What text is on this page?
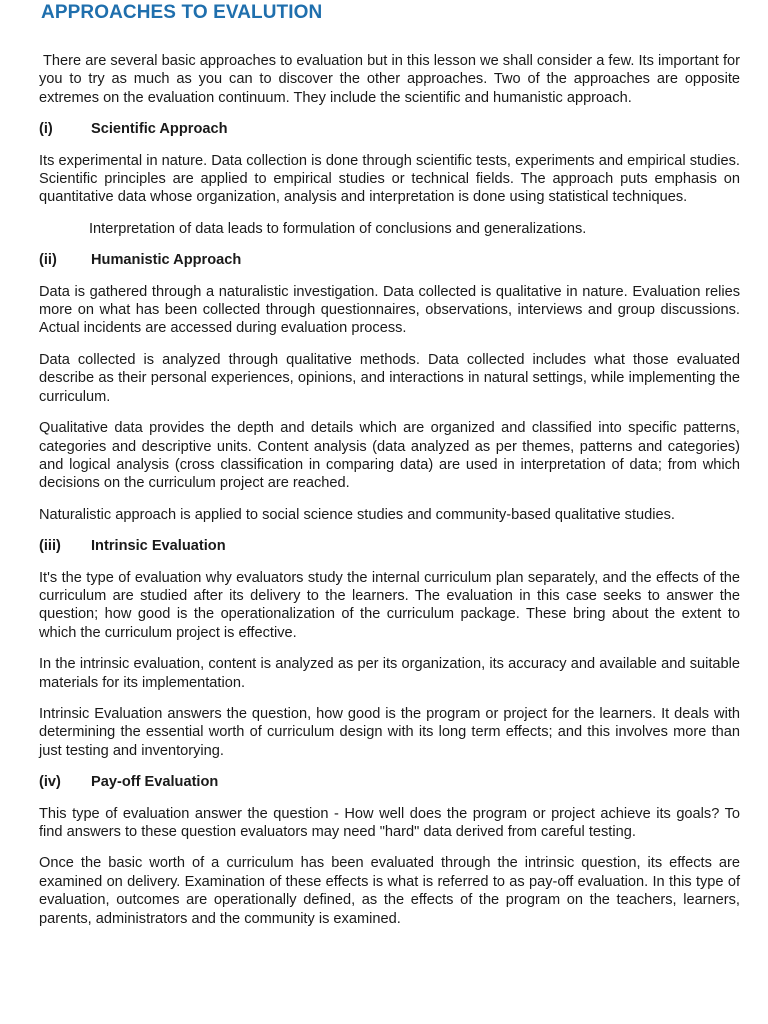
APPROACHES TO EVALUTION

There are several basic approaches to evaluation but in this lesson we shall consider a few. Its important for you to try as much as you can to discover the other approaches. Two of the approaches are opposite extremes on the evaluation continuum. They include the scientific and humanistic approach.

(i)	Scientific Approach

Its experimental in nature. Data collection is done through scientific tests, experiments and empirical studies. Scientific principles are applied to empirical studies or technical fields. The approach puts emphasis on quantitative data whose organization, analysis and interpretation is done using statistical techniques.

Interpretation of data leads to formulation of conclusions and generalizations.

(ii)	Humanistic Approach

Data is gathered through a naturalistic investigation. Data collected is qualitative in nature. Evaluation relies more on what has been collected through questionnaires, observations, interviews and group discussions. Actual incidents are accessed during evaluation process.

Data collected is analyzed through qualitative methods. Data collected includes what those evaluated describe as their personal experiences, opinions, and interactions in natural settings, while implementing the curriculum.

Qualitative data provides the depth and details which are organized and classified into specific patterns, categories and descriptive units. Content analysis (data analyzed as per themes, patterns and categories) and logical analysis (cross classification in comparing data) are used in interpretation of data; from which decisions on the curriculum project are reached.

Naturalistic approach is applied to social science studies and community-based qualitative studies.

(iii)	Intrinsic Evaluation

It's the type of evaluation why evaluators study the internal curriculum plan separately, and the effects of the curriculum are studied after its delivery to the learners. The evaluation in this case seeks to answer the question; how good is the operationalization of the curriculum package. These bring about the extent to which the curriculum project is effective.

In the intrinsic evaluation, content is analyzed as per its organization, its accuracy and available and suitable materials for its implementation.

Intrinsic Evaluation answers the question, how good is the program or project for the learners. It deals with determining the essential worth of curriculum design with its long term effects; and this involves more than just testing and inventorying.

(iv)	Pay-off Evaluation

This type of evaluation answer the question - How well does the program or project achieve its goals? To find answers to these question evaluators may need "hard" data derived from careful testing.

Once the basic worth of a curriculum has been evaluated through the intrinsic question, its effects are examined on delivery. Examination of these effects is what is referred to as pay-off evaluation. In this type of evaluation, outcomes are operationally defined, as the effects of the program on the teachers, learners, parents, administrators and the community is examined.
